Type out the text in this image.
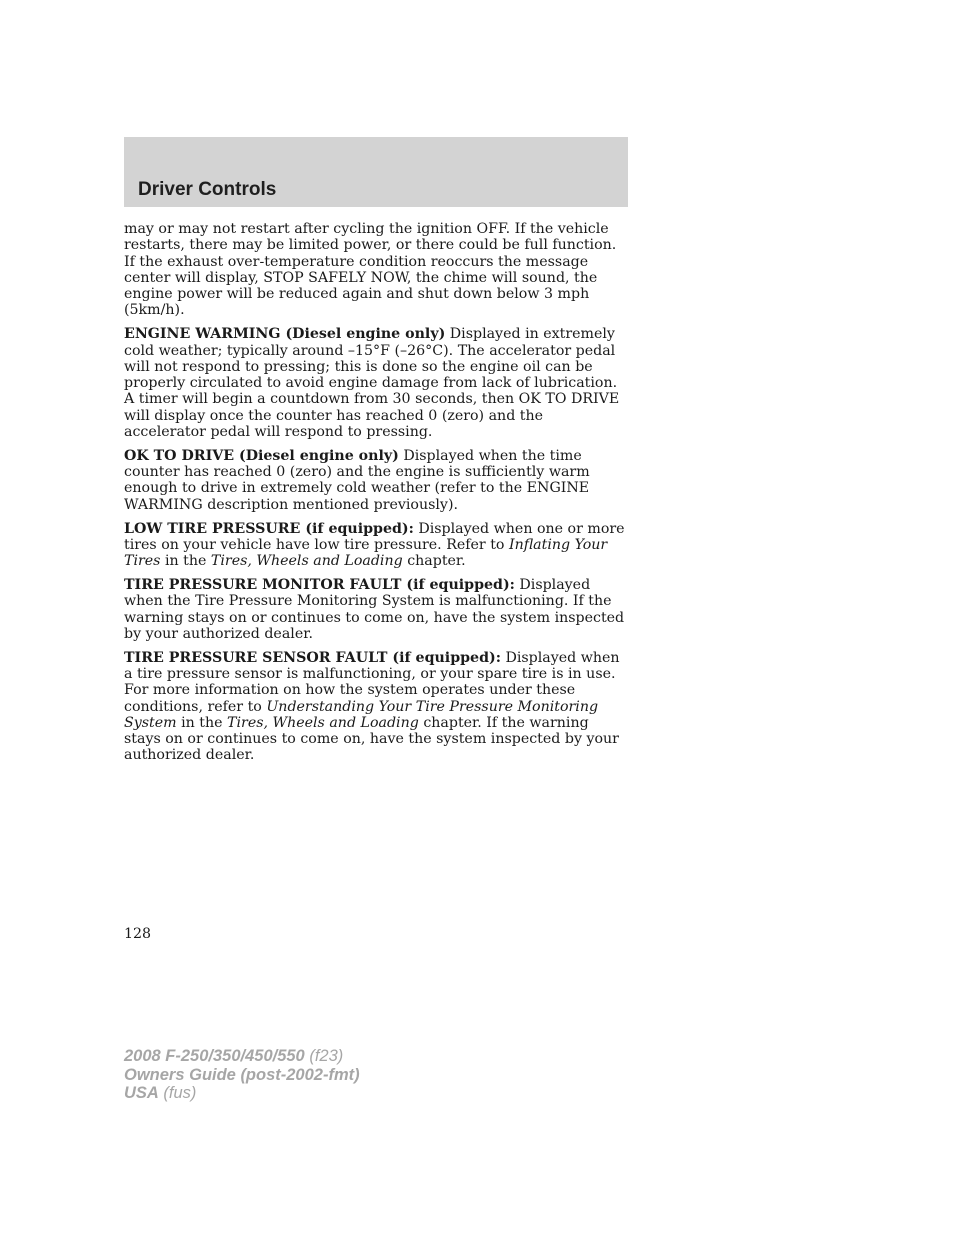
Driver Controls

may or may not restart after cycling the ignition OFF. If the vehicle restarts, there may be limited power, or there could be full function. If the exhaust over-temperature condition reoccurs the message center will display, STOP SAFELY NOW, the chime will sound, the engine power will be reduced again and shut down below 3 mph (5km/h).

ENGINE WARMING (Diesel engine only) Displayed in extremely cold weather; typically around –15°F (–26°C). The accelerator pedal will not respond to pressing; this is done so the engine oil can be properly circulated to avoid engine damage from lack of lubrication. A timer will begin a countdown from 30 seconds, then OK TO DRIVE will display once the counter has reached 0 (zero) and the accelerator pedal will respond to pressing.

OK TO DRIVE (Diesel engine only) Displayed when the time counter has reached 0 (zero) and the engine is sufficiently warm enough to drive in extremely cold weather (refer to the ENGINE WARMING description mentioned previously).

LOW TIRE PRESSURE (if equipped): Displayed when one or more tires on your vehicle have low tire pressure. Refer to Inflating Your Tires in the Tires, Wheels and Loading chapter.

TIRE PRESSURE MONITOR FAULT (if equipped): Displayed when the Tire Pressure Monitoring System is malfunctioning. If the warning stays on or continues to come on, have the system inspected by your authorized dealer.

TIRE PRESSURE SENSOR FAULT (if equipped): Displayed when a tire pressure sensor is malfunctioning, or your spare tire is in use. For more information on how the system operates under these conditions, refer to Understanding Your Tire Pressure Monitoring System in the Tires, Wheels and Loading chapter. If the warning stays on or continues to come on, have the system inspected by your authorized dealer.

128
2008 F-250/350/450/550 (f23)
Owners Guide (post-2002-fmt)
USA (fus)
